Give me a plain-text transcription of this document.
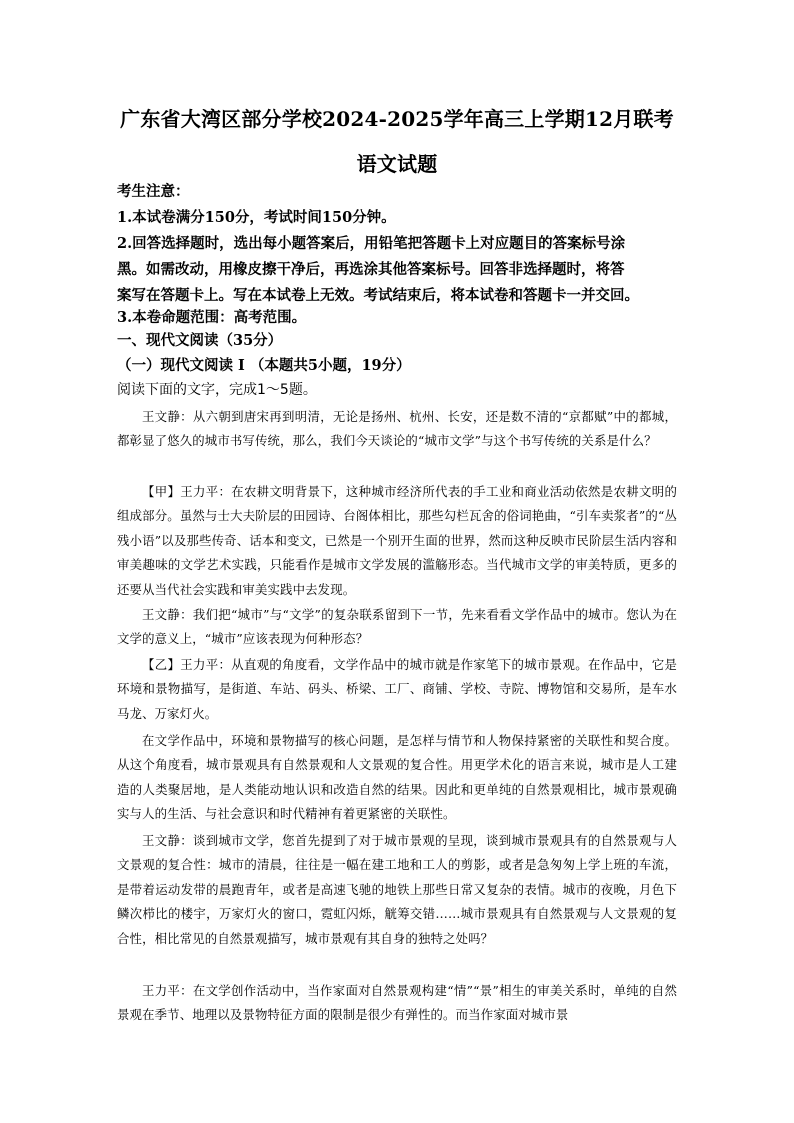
广东省大湾区部分学校2024-2025学年高三上学期12月联考
语文试题

考生注意：

1.本试卷满分150分，考试时间150分钟。

2.回答选择题时，选出每小题答案后，用铅笔把答题卡上对应题目的答案标号涂

黑。如需改动，用橡皮擦干净后，再选涂其他答案标号。回答非选择题时，将答

案写在答题卡上。写在本试卷上无效。考试结束后，将本试卷和答题卡一并交回。

3.本卷命题范围：高考范围。

一、现代文阅读（35分）

（一）现代文阅读 I （本题共5小题，19分）

阅读下面的文字，完成1～5题。

王文静：从六朝到唐宋再到明清，无论是扬州、杭州、长安，还是数不清的“京都赋”中的都城，都彰显了悠久的城市书写传统，那么，我们今天谈论的“城市文学”与这个书写传统的关系是什么？

【甲】王力平：在农耕文明背景下，这种城市经济所代表的手工业和商业活动依然是农耕文明的组成部分。虽然与士大夫阶层的田园诗、台阁体相比，那些勾栏瓦舍的俗词艳曲，“引车卖浆者”的“丛残小语”以及那些传奇、话本和变文，已然是一个别开生面的世界，然而这种反映市民阶层生活内容和审美趣味的文学艺术实践，只能看作是城市文学发展的滥觞形态。当代城市文学的审美特质，更多的还要从当代社会实践和审美实践中去发现。

王文静：我们把“城市”与“文学”的复杂联系留到下一节，先来看看文学作品中的城市。您认为在文学的意义上，“城市”应该表现为何种形态？

【乙】王力平：从直观的角度看，文学作品中的城市就是作家笔下的城市景观。在作品中，它是环境和景物描写，是街道、车站、码头、桥梁、工厂、商铺、学校、寺院、博物馆和交易所，是车水马龙、万家灯火。

在文学作品中，环境和景物描写的核心问题，是怎样与情节和人物保持紧密的关联性和契合度。从这个角度看，城市景观具有自然景观和人文景观的复合性。用更学术化的语言来说，城市是人工建造的人类聚居地，是人类能动地认识和改造自然的结果。因此和更单纯的自然景观相比，城市景观确实与人的生活、与社会意识和时代精神有着更紧密的关联性。

王文静：谈到城市文学，您首先提到了对于城市景观的呈现，谈到城市景观具有的自然景观与人文景观的复合性：城市的清晨，往往是一幅在建工地和工人的剪影，或者是急匆匆上学上班的车流，是带着运动发带的晨跑青年，或者是高速飞驰的地铁上那些日常又复杂的表情。城市的夜晚，月色下鳞次栉比的楼宇，万家灯火的窗口，霓虹闪烁，觥筹交错……城市景观具有自然景观与人文景观的复合性，相比常见的自然景观描写，城市景观有其自身的独特之处吗？

王力平：在文学创作活动中，当作家面对自然景观构建“情”“景”相生的审美关系时，单纯的自然景观在季节、地理以及景物特征方面的限制是很少有弹性的。而当作家面对城市景
